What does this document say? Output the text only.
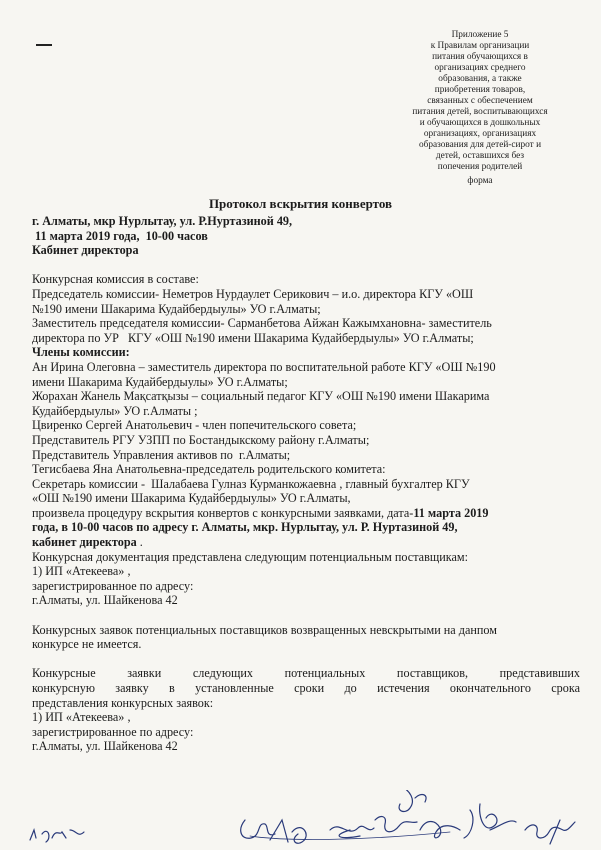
Приложение 5
к Правилам организации
питания обучающихся в
организациях среднего
образования, а также
приобретения товаров,
связанных с обеспечением
питания детей, воспитывающихся
и обучающихся в дошкольных
организациях, организациях
образования для детей-сирот и
детей, оставшихся без
попечения родителей
форма
Протокол вскрытия конвертов
г. Алматы, мкр Нурлытау, ул. Р.Нуртазиной 49,
11 марта 2019 года,  10-00 часов
Кабинет директора
Конкурсная комиссия в составе:
Председатель комиссии- Неметров Нурдаулет Серикович – и.о. директора КГУ «ОШ
№190 имени Шакарима Кудайбердыулы» УО г.Алматы;
Заместитель председателя комиссии- Сарманбетова Айжан Кажымхановна- заместитель
директора по УР   КГУ «ОШ №190 имени Шакарима Кудайбердыулы» УО г.Алматы;
Члены комиссии:
Ан Ирина Олеговна – заместитель директора по воспитательной работе КГУ «ОШ №190
имени Шакарима Кудайбердыулы» УО г.Алматы;
Жорахан Жанель Мақсатқызы – социальный педагог КГУ «ОШ №190 имени Шакарима
Кудайбердыулы» УО г.Алматы ;
Цвиренко Сергей Анатольевич - член попечительского совета;
Представитель РГУ УЗПП по Бостандыкскому району г.Алматы;
Представитель Управления активов по  г.Алматы;
Тегисбаева Яна Анатольевна-председатель родительского комитета:
Секретарь комиссии -  Шалабаева Гулназ Курманкожаевна , главный бухгалтер КГУ
«ОШ №190 имени Шакарима Кудайбердыулы» УО г.Алматы,
произвела процедуру вскрытия конвертов с конкурсными заявками, дата-11 марта 2019
года, в 10-00 часов по адресу г. Алматы, мкр. Нурлытау, ул. Р. Нуртазиной 49,
кабинет директора .
Конкурсная документация представлена следующим потенциальным поставщикам:
1) ИП «Атекеева» ,
зарегистрированное по адресу:
г.Алматы, ул. Шайкенова 42
Конкурсных заявок потенциальных поставщиков возвращенных невскрытыми на данпом
конкурсе не имеется.
Конкурсные заявки следующих потенциальных поставщиков, представивших
конкурсную заявку в установленные сроки до истечения окончательного срока
представления конкурсных заявок:
1) ИП «Атекеева» ,
зарегистрированное по адресу:
г.Алматы, ул. Шайкенова 42
